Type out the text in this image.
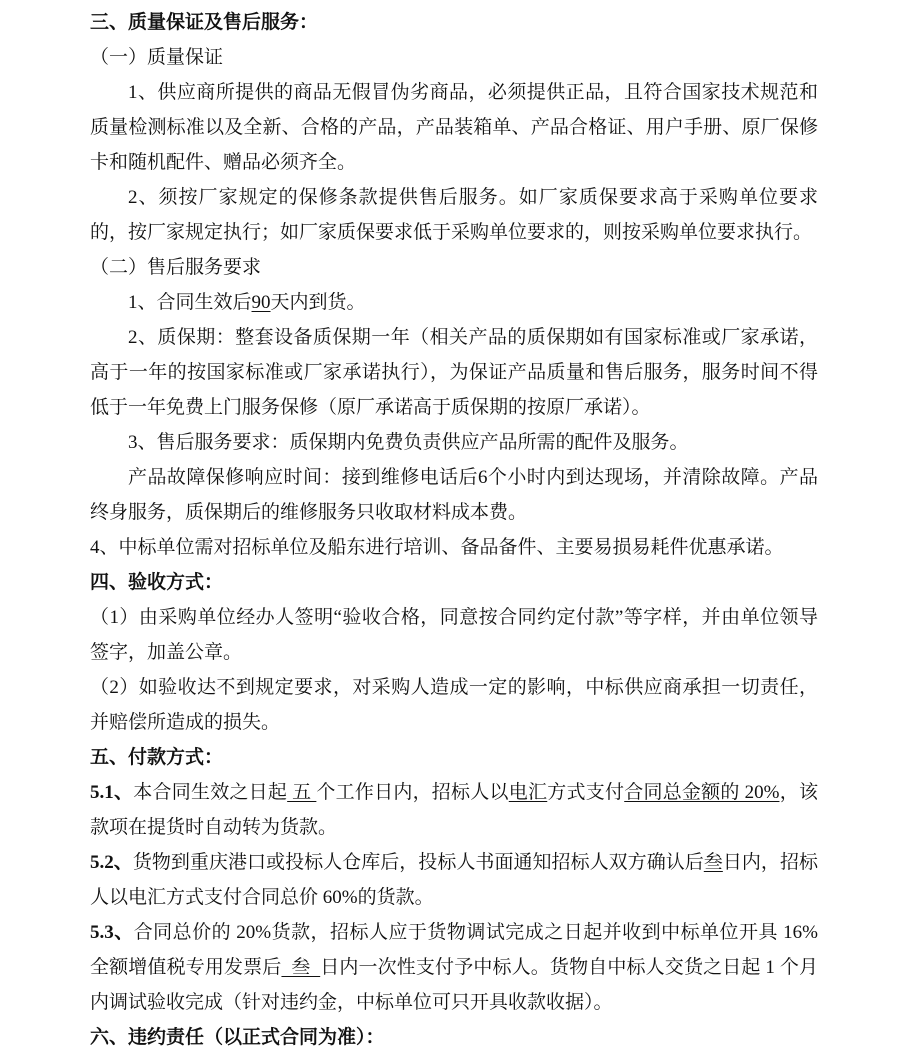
三、质量保证及售后服务：

（一）质量保证

1、供应商所提供的商品无假冒伪劣商品，必须提供正品，且符合国家技术规范和质量检测标准以及全新、合格的产品，产品装箱单、产品合格证、用户手册、原厂保修卡和随机配件、赠品必须齐全。

2、须按厂家规定的保修条款提供售后服务。如厂家质保要求高于采购单位要求的，按厂家规定执行；如厂家质保要求低于采购单位要求的，则按采购单位要求执行。

（二）售后服务要求

1、合同生效后90天内到货。

2、质保期：整套设备质保期一年（相关产品的质保期如有国家标准或厂家承诺，高于一年的按国家标准或厂家承诺执行），为保证产品质量和售后服务，服务时间不得低于一年免费上门服务保修（原厂承诺高于质保期的按原厂承诺）。

3、售后服务要求：质保期内免费负责供应产品所需的配件及服务。

产品故障保修响应时间：接到维修电话后6个小时内到达现场，并清除故障。产品终身服务，质保期后的维修服务只收取材料成本费。

4、中标单位需对招标单位及船东进行培训、备品备件、主要易损易耗件优惠承诺。

四、验收方式：

（1）由采购单位经办人签明“验收合格，同意按合同约定付款”等字样，并由单位领导签字，加盖公章。

（2）如验收达不到规定要求，对采购人造成一定的影响，中标供应商承担一切责任，并赔偿所造成的损失。

五、付款方式：

5.1、本合同生效之日起 五 个工作日内，招标人以电汇方式支付合同总金额的 20%，该款项在提货时自动转为货款。

5.2、货物到重庆港口或投标人仓库后，投标人书面通知招标人双方确认后叁日内，招标人以电汇方式支付合同总价 60%的货款。

5.3、合同总价的 20%货款，招标人应于货物调试完成之日起并收到中标单位开具 16%全额增值税专用发票后  叁  日内一次性支付予中标人。货物自中标人交货之日起 1 个月内调试验收完成（针对违约金，中标单位可只开具收款收据）。

六、违约责任（以正式合同为准）：
